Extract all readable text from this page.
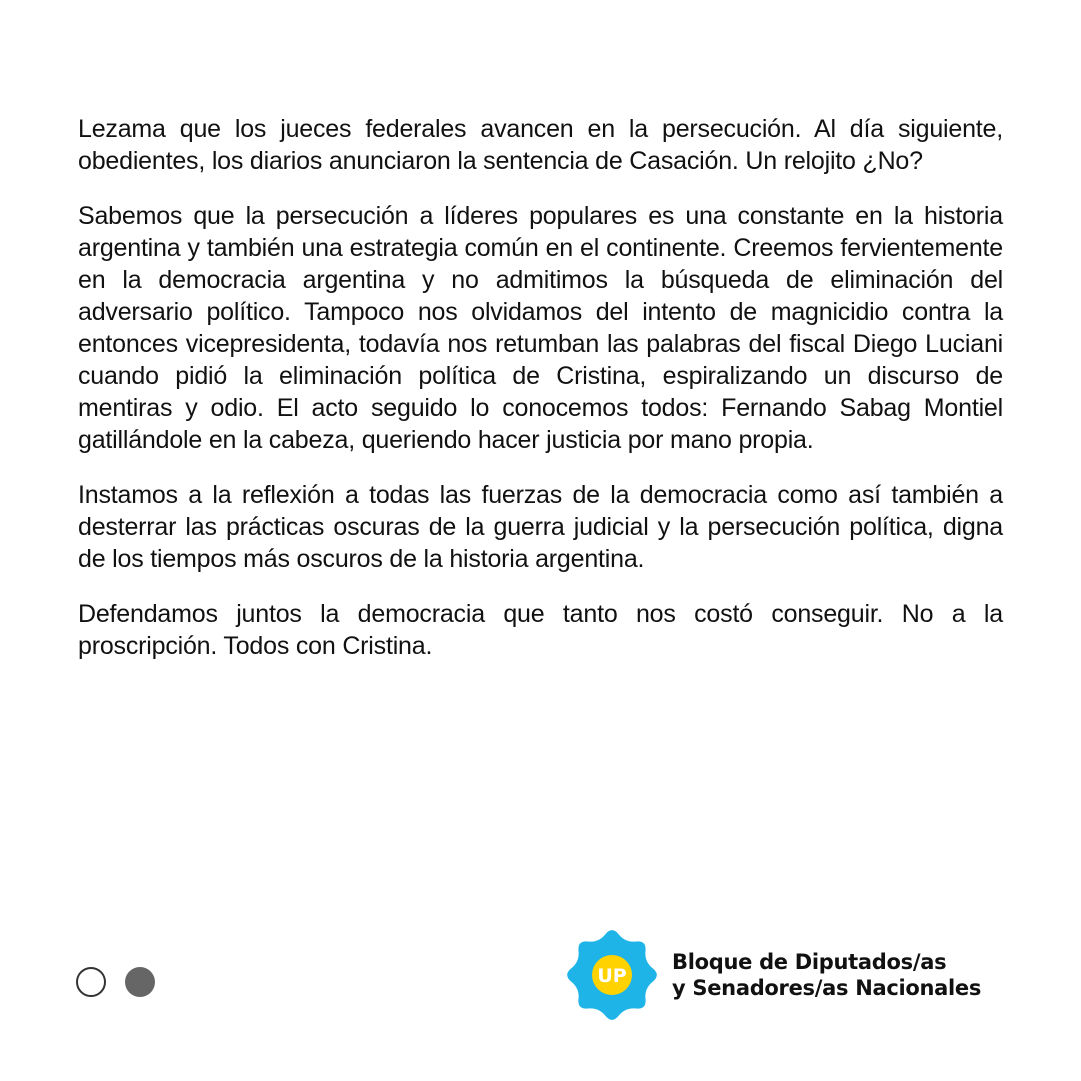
Lezama que los jueces federales avancen en la persecución. Al día siguiente, obedientes, los diarios anunciaron la sentencia de Casación. Un relojito ¿No?

Sabemos que la persecución a líderes populares es una constante en la historia argentina y también una estrategia común en el continente. Creemos fervientemente en la democracia argentina y no admitimos la búsqueda de eliminación del adversario político. Tampoco nos olvidamos del intento de magnicidio contra la entonces vicepresidenta, todavía nos retumban las palabras del fiscal Diego Luciani cuando pidió la eliminación política de Cristina, espiralizando un discurso de mentiras y odio. El acto seguido lo conocemos todos: Fernando Sabag Montiel gatillándole en la cabeza, queriendo hacer justicia por mano propia.

Instamos a la reflexión a todas las fuerzas de la democracia como así también a desterrar las prácticas oscuras de la guerra judicial y la persecución política, digna de los tiempos más oscuros de la historia argentina.

Defendamos juntos la democracia que tanto nos costó conseguir. No a la proscripción. Todos con Cristina.

UP
Bloque de Diputados/as
y Senadores/as Nacionales
